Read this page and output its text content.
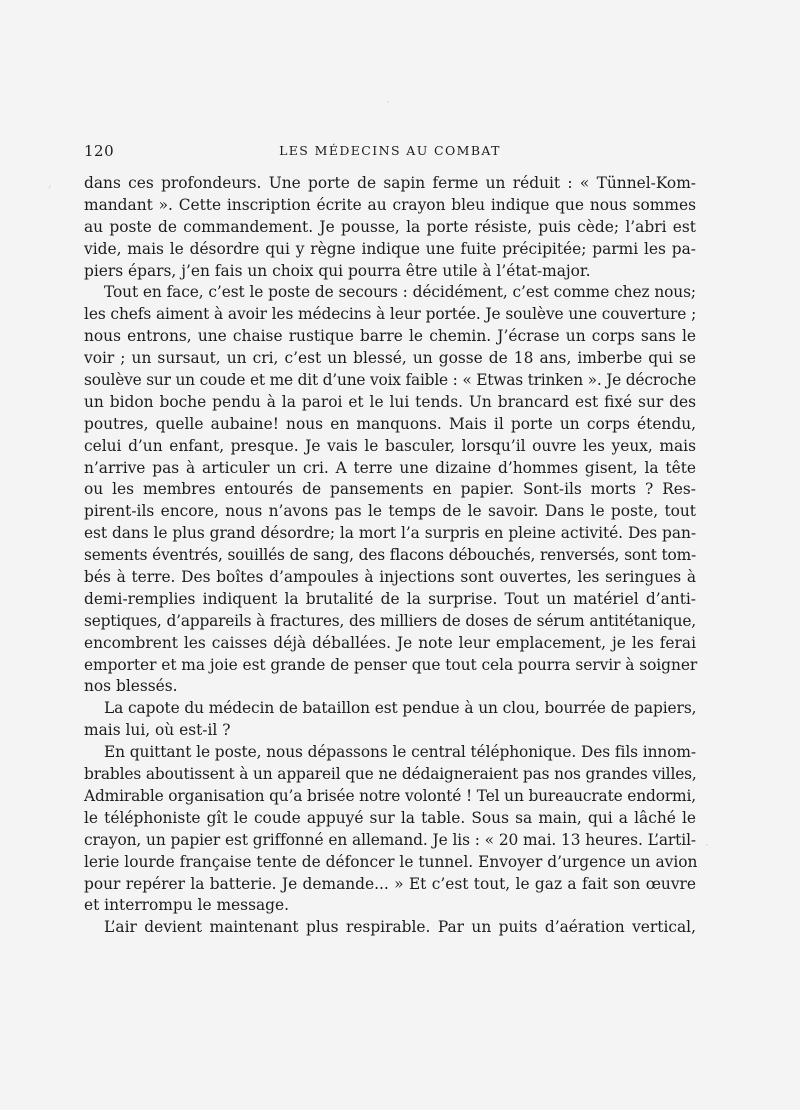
120	LES MÉDECINS AU COMBAT
dans ces profondeurs. Une porte de sapin ferme un réduit : « Tünnel-Kom-
mandant ». Cette inscription écrite au crayon bleu indique que nous sommes
au poste de commandement. Je pousse, la porte résiste, puis cède; l’abri est
vide, mais le désordre qui y règne indique une fuite précipitée; parmi les pa-
piers épars, j’en fais un choix qui pourra être utile à l’état-major.
Tout en face, c’est le poste de secours : décidément, c’est comme chez nous;
les chefs aiment à avoir les médecins à leur portée. Je soulève une couverture ;
nous entrons, une chaise rustique barre le chemin. J’écrase un corps sans le
voir ; un sursaut, un cri, c’est un blessé, un gosse de 18 ans, imberbe qui se
soulève sur un coude et me dit d’une voix faible : « Etwas trinken ». Je décroche
un bidon boche pendu à la paroi et le lui tends. Un brancard est fixé sur des
poutres, quelle aubaine! nous en manquons. Mais il porte un corps étendu,
celui d’un enfant, presque. Je vais le basculer, lorsqu’il ouvre les yeux, mais
n’arrive pas à articuler un cri. A terre une dizaine d’hommes gisent, la tête
ou les membres entourés de pansements en papier. Sont-ils morts ? Res-
pirent-ils encore, nous n’avons pas le temps de le savoir. Dans le poste, tout
est dans le plus grand désordre; la mort l’a surpris en pleine activité. Des pan-
sements éventrés, souillés de sang, des flacons débouchés, renversés, sont tom-
bés à terre. Des boîtes d’ampoules à injections sont ouvertes, les seringues à
demi-remplies indiquent la brutalité de la surprise. Tout un matériel d’anti-
septiques, d’appareils à fractures, des milliers de doses de sérum antitétanique,
encombrent les caisses déjà déballées. Je note leur emplacement, je les ferai
emporter et ma joie est grande de penser que tout cela pourra servir à soigner
nos blessés.
La capote du médecin de bataillon est pendue à un clou, bourrée de papiers,
mais lui, où est-il ?
En quittant le poste, nous dépassons le central téléphonique. Des fils innom-
brables aboutissent à un appareil que ne dédaigneraient pas nos grandes villes,
Admirable organisation qu’a brisée notre volonté ! Tel un bureaucrate endormi,
le téléphoniste gît le coude appuyé sur la table. Sous sa main, qui a lâché le
crayon, un papier est griffonné en allemand. Je lis : « 20 mai. 13 heures. L’artil-
lerie lourde française tente de défoncer le tunnel. Envoyer d’urgence un avion
pour repérer la batterie. Je demande... » Et c’est tout, le gaz a fait son œuvre
et interrompu le message.
L’air devient maintenant plus respirable. Par un puits d’aération vertical,
·
,
·
